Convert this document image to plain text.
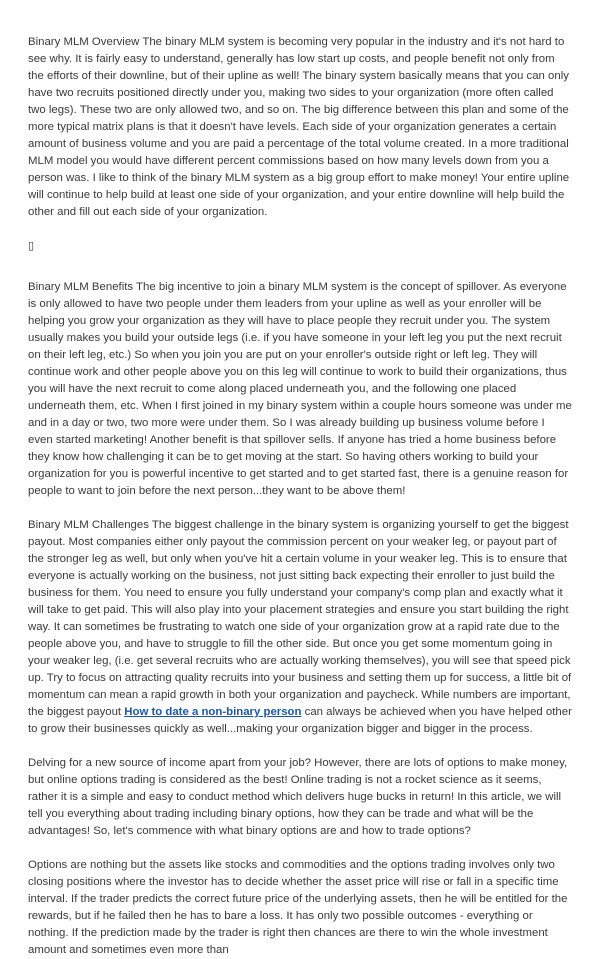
Binary MLM Overview The binary MLM system is becoming very popular in the industry and it's not hard to see why. It is fairly easy to understand, generally has low start up costs, and people benefit not only from the efforts of their downline, but of their upline as well! The binary system basically means that you can only have two recruits positioned directly under you, making two sides to your organization (more often called two legs). These two are only allowed two, and so on. The big difference between this plan and some of the more typical matrix plans is that it doesn't have levels. Each side of your organization generates a certain amount of business volume and you are paid a percentage of the total volume created. In a more traditional MLM model you would have different percent commissions based on how many levels down from you a person was. I like to think of the binary MLM system as a big group effort to make money! Your entire upline will continue to help build at least one side of your organization, and your entire downline will help build the other and fill out each side of your organization.

▯

Binary MLM Benefits The big incentive to join a binary MLM system is the concept of spillover. As everyone is only allowed to have two people under them leaders from your upline as well as your enroller will be helping you grow your organization as they will have to place people they recruit under you. The system usually makes you build your outside legs (i.e. if you have someone in your left leg you put the next recruit on their left leg, etc.) So when you join you are put on your enroller's outside right or left leg. They will continue work and other people above you on this leg will continue to work to build their organizations, thus you will have the next recruit to come along placed underneath you, and the following one placed underneath them, etc. When I first joined in my binary system within a couple hours someone was under me and in a day or two, two more were under them. So I was already building up business volume before I even started marketing! Another benefit is that spillover sells. If anyone has tried a home business before they know how challenging it can be to get moving at the start. So having others working to build your organization for you is powerful incentive to get started and to get started fast, there is a genuine reason for people to want to join before the next person...they want to be above them!

Binary MLM Challenges The biggest challenge in the binary system is organizing yourself to get the biggest payout. Most companies either only payout the commission percent on your weaker leg, or payout part of the stronger leg as well, but only when you've hit a certain volume in your weaker leg. This is to ensure that everyone is actually working on the business, not just sitting back expecting their enroller to just build the business for them. You need to ensure you fully understand your company's comp plan and exactly what it will take to get paid. This will also play into your placement strategies and ensure you start building the right way. It can sometimes be frustrating to watch one side of your organization grow at a rapid rate due to the people above you, and have to struggle to fill the other side. But once you get some momentum going in your weaker leg, (i.e. get several recruits who are actually working themselves), you will see that speed pick up. Try to focus on attracting quality recruits into your business and setting them up for success, a little bit of momentum can mean a rapid growth in both your organization and paycheck. While numbers are important, the biggest payout How to date a non-binary person can always be achieved when you have helped other to grow their businesses quickly as well...making your organization bigger and bigger in the process.

Delving for a new source of income apart from your job? However, there are lots of options to make money, but online options trading is considered as the best! Online trading is not a rocket science as it seems, rather it is a simple and easy to conduct method which delivers huge bucks in return! In this article, we will tell you everything about trading including binary options, how they can be trade and what will be the advantages! So, let's commence with what binary options are and how to trade options?

Options are nothing but the assets like stocks and commodities and the options trading involves only two closing positions where the investor has to decide whether the asset price will rise or fall in a specific time interval. If the trader predicts the correct future price of the underlying assets, then he will be entitled for the rewards, but if he failed then he has to bare a loss. It has only two possible outcomes - everything or nothing. If the prediction made by the trader is right then chances are there to win the whole investment amount and sometimes even more than
